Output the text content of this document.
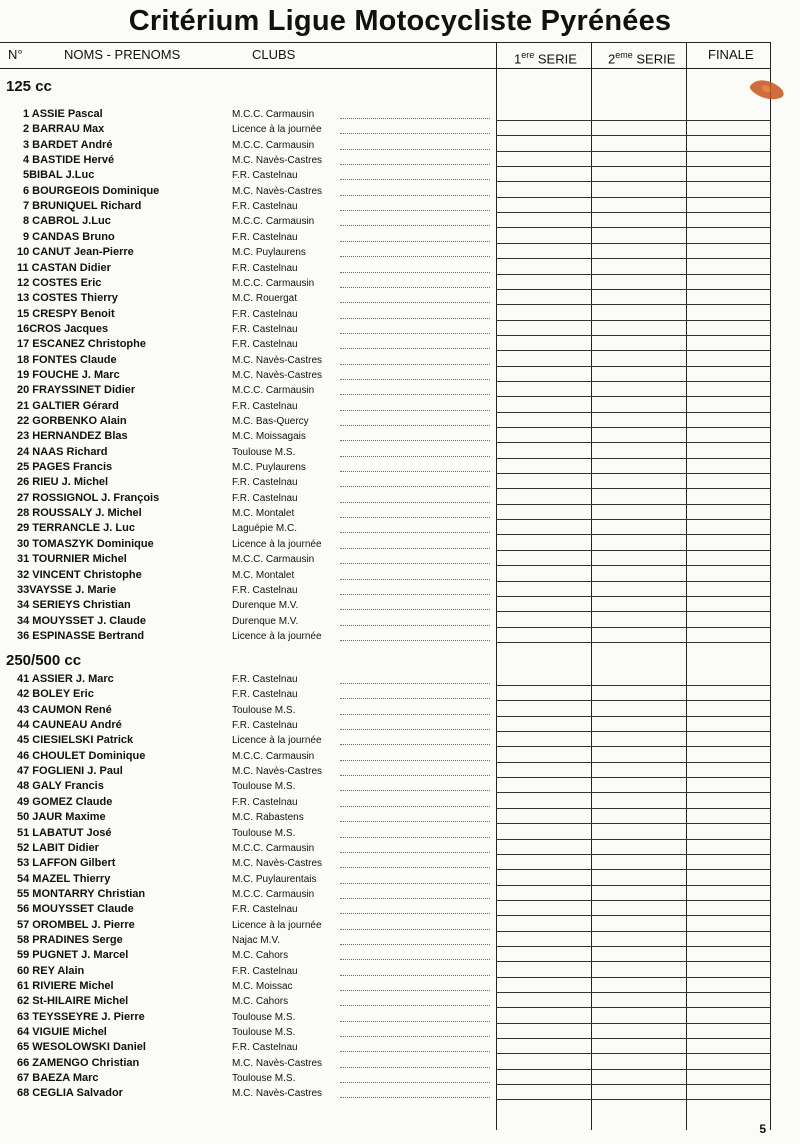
Critérium Ligue Motocycliste Pyrénées
N°	NOMS - PRENOMS	CLUBS	1ere SERIE 2eme SERIE	FINALE
125 cc
1 ASSIE Pascal	M.C.C. Carmausin
2 BARRAU Max	Licence à la journée
3 BARDET André	M.C.C. Carmausin
4 BASTIDE Hervé	M.C. Navès-Castres
5BIBAL J.Luc	F.R. Castelnau
6 BOURGEOIS Dominique	M.C. Navès-Castres
7 BRUNIQUEL Richard	F.R. Castelnau
8 CABROL J.Luc	M.C.C. Carmausin
9 CANDAS Bruno	F.R. Castelnau
10 CANUT Jean-Pierre	M.C. Puylaurens
11 CASTAN Didier	F.R. Castelnau
12 COSTES Eric	M.C.C. Carmausin
13 COSTES Thierry	M.C. Rouergat
15 CRESPY Benoit	F.R. Castelnau
16CROS Jacques	F.R. Castelnau
17 ESCANEZ Christophe	F.R. Castelnau
18 FONTES Claude	M.C. Navès-Castres
19 FOUCHE J. Marc	M.C. Navès-Castres
20 FRAYSSINET Didier	M.C.C. Carmausin
21 GALTIER Gérard	F.R. Castelnau
22 GORBENKO Alain	M.C. Bas-Quercy
23 HERNANDEZ Blas	M.C. Moissagais
24 NAAS Richard	Toulouse M.S.
25 PAGES Francis	M.C. Puylaurens
26 RIEU J. Michel	F.R. Castelnau
27 ROSSIGNOL J. François	F.R. Castelnau
28 ROUSSALY J. Michel	M.C. Montalet
29 TERRANCLE J. Luc	Laguépie M.C.
30 TOMASZYK Dominique	Licence à la journée
31 TOURNIER Michel	M.C.C. Carmausin
32 VINCENT Christophe	M.C. Montalet
33VAYSSE J. Marie	F.R. Castelnau
34 SERIEYS Christian	Durenque M.V.
34 MOUYSSET J. Claude	Durenque M.V.
36 ESPINASSE Bertrand	Licence à la journée
250/500 cc
41 ASSIER J. Marc	F.R. Castelnau
42 BOLEY Eric	F.R. Castelnau
43 CAUMON René	Toulouse M.S.
44 CAUNEAU André	F.R. Castelnau
45 CIESIELSKI Patrick	Licence à la journée
46 CHOULET Dominique	M.C.C. Carmausin
47 FOGLIENI J. Paul	M.C. Navès-Castres
48 GALY Francis	Toulouse M.S.
49 GOMEZ Claude	F.R. Castelnau
50 JAUR Maxime	M.C. Rabastens
51 LABATUT José	Toulouse M.S.
52 LABIT Didier	M.C.C. Carmausin
53 LAFFON Gilbert	M.C. Navès-Castres
54 MAZEL Thierry	M.C. Puylaurentais
55 MONTARRY Christian	M.C.C. Carmausin
56 MOUYSSET Claude	F.R. Castelnau
57 OROMBEL J. Pierre	Licence à la journée
58 PRADINES Serge	Najac M.V.
59 PUGNET J. Marcel	M.C. Cahors
60 REY Alain	F.R. Castelnau
61 RIVIERE Michel	M.C. Moissac
62 St-HILAIRE Michel	M.C. Cahors
63 TEYSSEYRE J. Pierre	Toulouse M.S.
64 VIGUIE Michel	Toulouse M.S.
65 WESOLOWSKI Daniel	F.R. Castelnau
66 ZAMENGO Christian	M.C. Navès-Castres
67 BAEZA Marc	Toulouse M.S.
68 CEGLIA Salvador	M.C. Navès-Castres
5
